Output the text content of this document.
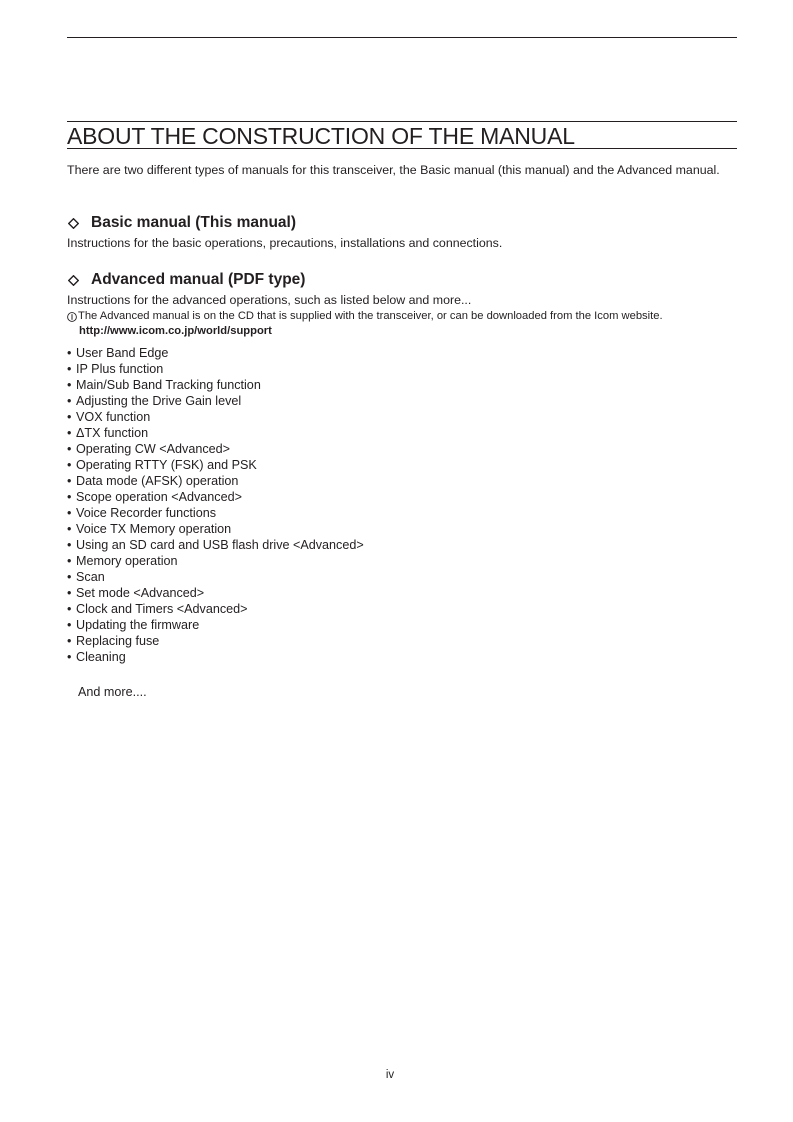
ABOUT THE CONSTRUCTION OF THE MANUAL
There are two different types of manuals for this transceiver, the Basic manual (this manual) and the Advanced manual.
Basic manual (This manual)
Instructions for the basic operations, precautions, installations and connections.
Advanced manual (PDF type)
Instructions for the advanced operations, such as listed below and more...
The Advanced manual is on the CD that is supplied with the transceiver, or can be downloaded from the Icom website.
http://www.icom.co.jp/world/support
• User Band Edge
• IP Plus function
• Main/Sub Band Tracking function
• Adjusting the Drive Gain level
• VOX function
• ΔTX function
• Operating CW <Advanced>
• Operating RTTY (FSK) and PSK
• Data mode (AFSK) operation
• Scope operation <Advanced>
• Voice Recorder functions
• Voice TX Memory operation
• Using an SD card and USB flash drive <Advanced>
• Memory operation
• Scan
• Set mode <Advanced>
• Clock and Timers <Advanced>
• Updating the firmware
• Replacing fuse
• Cleaning
And more....
iv
